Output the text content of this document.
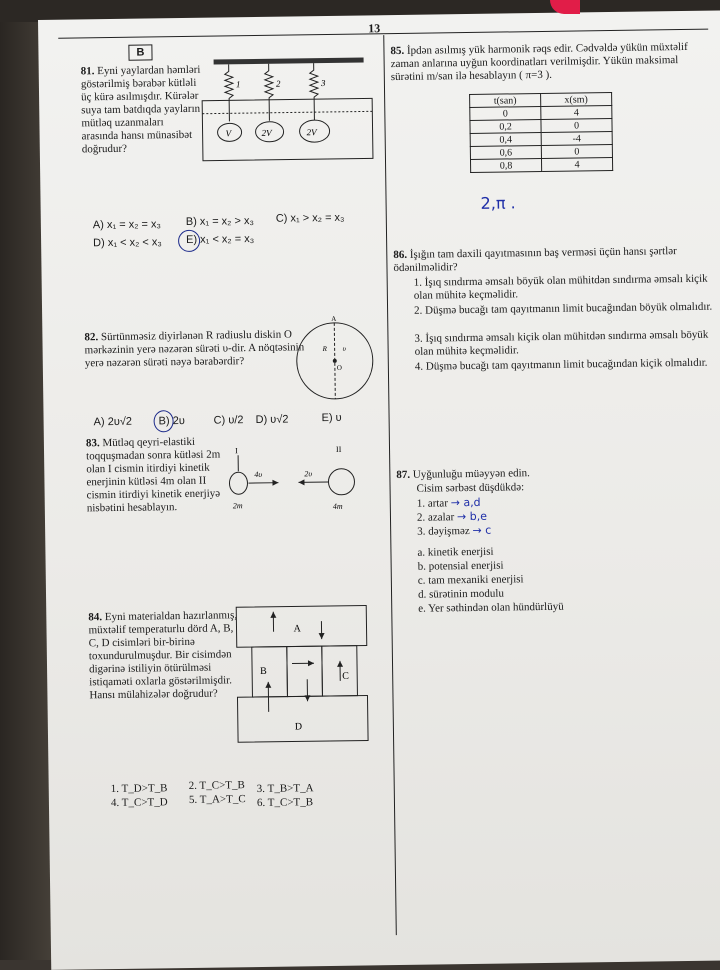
13
B
81. Eyni yaylardan həmləri göstərilmiş bərabər kütləli üç kürə asılmışdır. Kürələr suya tam batdıqda yayların mütləq uzanmaları arasında hansı münasibət doğrudur?
1	2	3
V	2V	2V
A) x₁ = x₂ = x₃ B) x₁ = x₂ > x₃ C) x₁ > x₂ = x₃
D) x₁ < x₂ < x₃ E) x₁ < x₂ = x₃
82. Sürtünməsiz diyirlənən R radiuslu diskin O mərkəzinin yerə nəzərən sürəti υ-dir. A nöqtəsinin yerə nəzərən sürəti nəyə bərabərdir?
A
O
R υ
A) 2υ√2 B) 2υ	C) υ/2 D) υ√2	E) υ
83. Mütləq qeyri-elastiki toqquşmadan sonra kütləsi 2m olan I cismin itirdiyi kinetik enerjinin kütləsi 4m olan II cismin itirdiyi kinetik enerjiyə nisbətini hesablayın.
I
4υ
2m
II
2υ
4m
84. Eyni materialdan hazırlanmış, müxtəlif temperaturlu dörd A, B, C, D cisimləri bir-birinə toxundurulmuşdur. Bir cisimdən digərinə istiliyin ötürülməsi istiqaməti oxlarla göstərilmişdir. Hansı mülahizələr doğrudur?
A
B	C
D
1. T_D>T_B
4. T_C>T_D
2. T_C>T_B
5. T_A>T_C
3. T_B>T_A
6. T_C>T_B
85. İpdən asılmış yük harmonik rəqs edir. Cədvəldə yükün müxtəlif zaman anlarına uyğun koordinatları verilmişdir. Yükün maksimal sürətini m/san ilə hesablayın ( π=3 ).
t(san)	x(sm)
0	4
0,2	0
0,4	-4
0,6	0
0,8	4
2,π .
86. İşığın tam daxili qayıtmasının baş verməsi üçün hansı şərtlər ödənilməlidir?
1. İşıq sındırma əmsalı böyük olan mühitdən sındırma əmsalı kiçik olan mühitə keçməlidir.
2. Düşmə bucağı tam qayıtmanın limit bucağından böyük olmalıdır.
3. İşıq sındırma əmsalı kiçik olan mühitdən sındırma əmsalı böyük olan mühitə keçməlidir.
4. Düşmə bucağı tam qayıtmanın limit bucağından kiçik olmalıdır.
87. Uyğunluğu müəyyən edin.
Cisim sərbəst düşdükdə:
1. artar → a,d
2. azalar → b,e
3. dəyişməz → c
a. kinetik enerjisi
b. potensial enerjisi
c. tam mexaniki enerjisi
d. sürətinin modulu
e. Yer səthindən olan hündürlüyü
